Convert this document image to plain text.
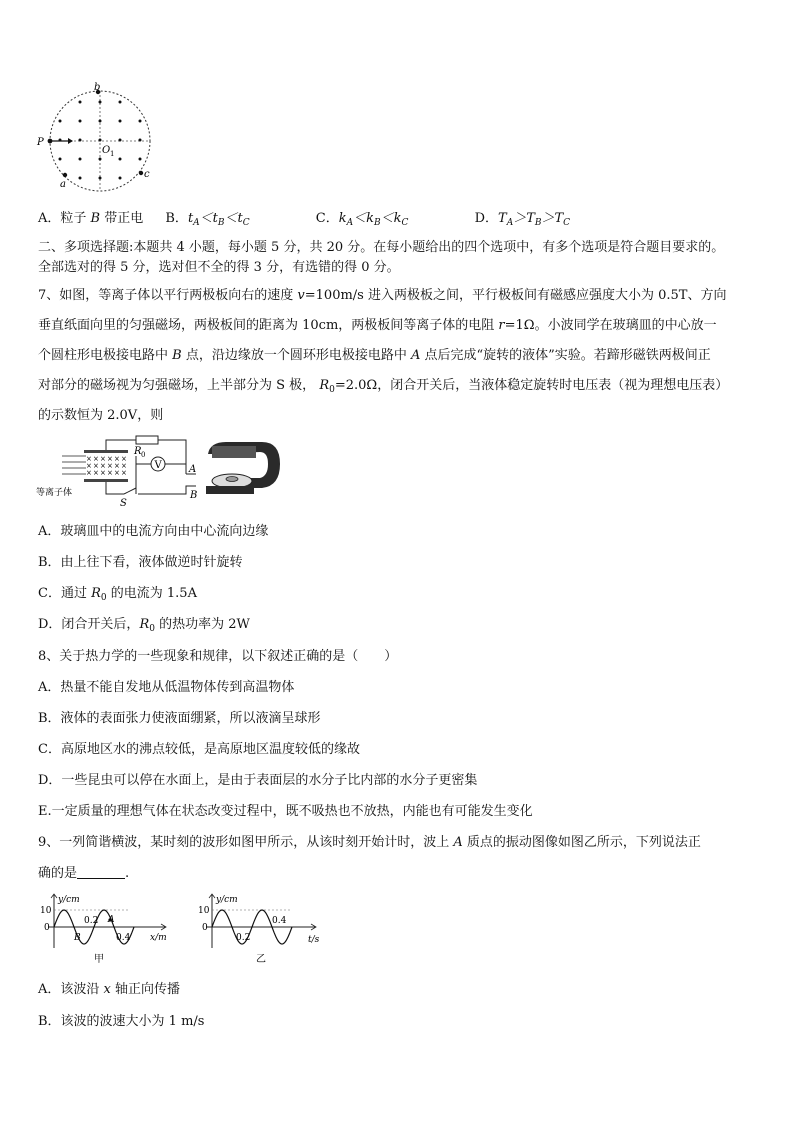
b
P
O 1
a
c
A．粒子 B 带正电 B．$t_A<t_B<t_C$	C．$k_A<k_B<k_C$	D．$T_A>T_B>T_C$
二、多项选择题:本题共 4 小题，每小题 5 分，共 20 分。在每小题给出的四个选项中，有多个选项是符合题目要求的。
全部选对的得 5 分，选对但不全的得 3 分，有选错的得 0 分。
7、如图，等离子体以平行两极板向右的速度 v=100m/s 进入两极板之间，平行极板间有磁感应强度大小为 0.5T、方向
垂直纸面向里的匀强磁场，两极板间的距离为 10cm，两极板间等离子体的电阻 r=1Ω。小波同学在玻璃皿的中心放一
个圆柱形电极接电路中 B 点，沿边缘放一个圆环形电极接电路中 A 点后完成“旋转的液体”实验。若蹄形磁铁两极间正
对部分的磁场视为匀强磁场，上半部分为 S 极， $R_0=2.0\Omega$，闭合开关后，当液体稳定旋转时电压表（视为理想电压表）
的示数恒为 2.0V，则
× × × × × ×
× × × × × ×
× × × × × ×
V
R 0
A
B
S
等离子体
A．玻璃皿中的电流方向由中心流向边缘
B．由上往下看，液体做逆时针旋转
C．通过 $R_0$ 的电流为 1.5A
D．闭合开关后，$R_0$ 的热功率为 2W
8、关于热力学的一些现象和规律，以下叙述正确的是（　　）
A．热量不能自发地从低温物体传到高温物体
B．液体的表面张力使液面绷紧，所以液滴呈球形
C．高原地区水的沸点较低，是高原地区温度较低的缘故
D．一些昆虫可以停在水面上，是由于表面层的水分子比内部的水分子更密集
E.一定质量的理想气体在状态改变过程中，既不吸热也不放热，内能也有可能发生变化
9、一列简谐横波，某时刻的波形如图甲所示，从该时刻开始计时，波上 A 质点的振动图像如图乙所示，下列说法正
确的是	.
y/cm
10
0
0.2
0.4 x/m
A
B
甲
y/cm
10
0
0.2
0.4
t/s
乙
A．该波沿 x 轴正向传播
B．该波的波速大小为 1 m/s
